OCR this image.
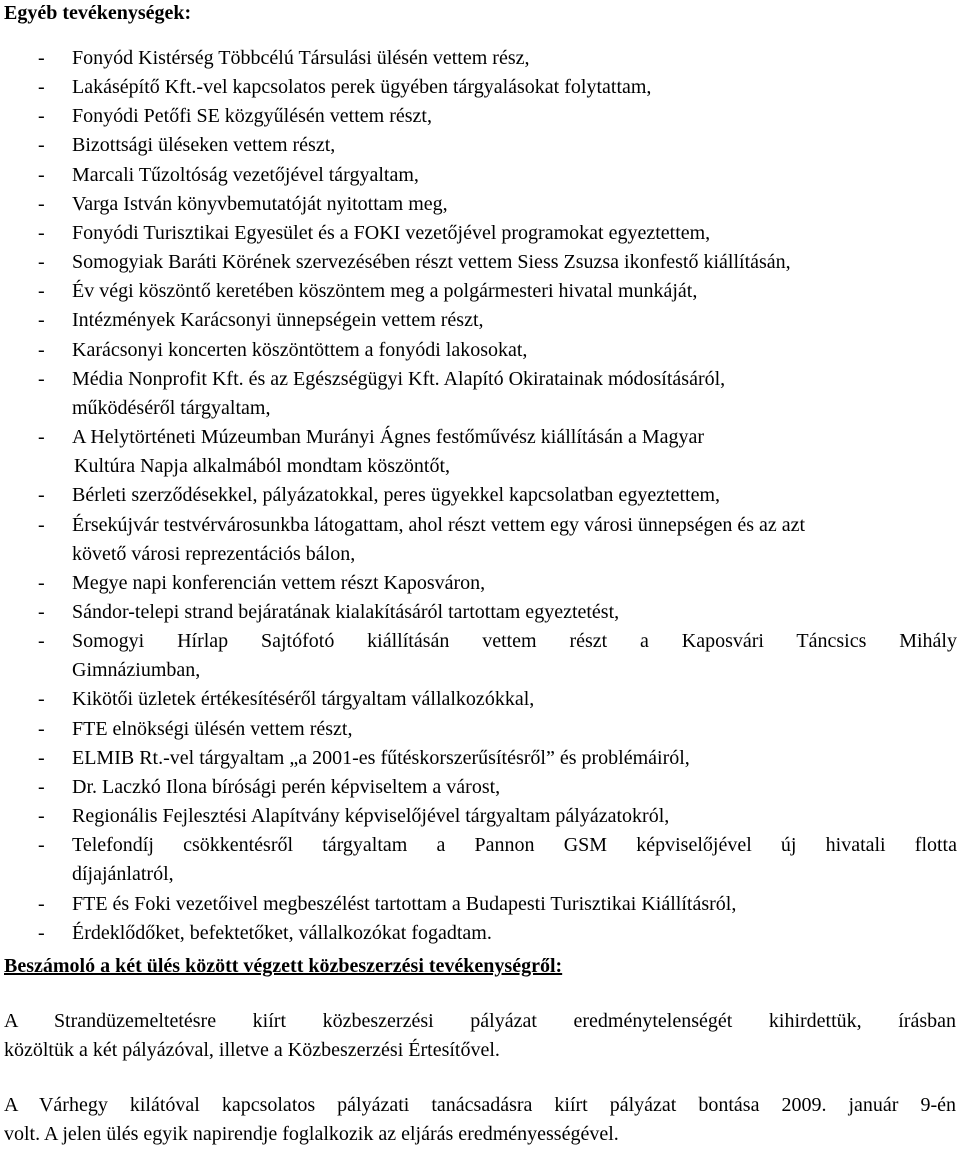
Egyéb tevékenységek:
- Fonyód Kistérség Többcélú Társulási ülésén vettem rész,
- Lakásépítő Kft.-vel kapcsolatos perek ügyében tárgyalásokat folytattam,
- Fonyódi Petőfi SE közgyűlésén vettem részt,
- Bizottsági üléseken vettem részt,
- Marcali Tűzoltóság vezetőjével tárgyaltam,
- Varga István könyvbemutatóját nyitottam meg,
- Fonyódi Turisztikai Egyesület és a FOKI vezetőjével programokat egyeztettem,
- Somogyiak Baráti Körének szervezésében részt vettem Siess Zsuzsa ikonfestő kiállításán,
- Év végi köszöntő keretében köszöntem meg a polgármesteri hivatal munkáját,
- Intézmények Karácsonyi ünnepségein vettem részt,
- Karácsonyi koncerten köszöntöttem a fonyódi lakosokat,
- Média Nonprofit Kft. és az Egészségügyi Kft. Alapító Okiratainak módosításáról,
működéséről tárgyaltam,
- A Helytörténeti Múzeumban Murányi Ágnes festőművész kiállításán a Magyar
Kultúra Napja alkalmából mondtam köszöntőt,
- Bérleti szerződésekkel, pályázatokkal, peres ügyekkel kapcsolatban egyeztettem,
- Érsekújvár testvérvárosunkba látogattam, ahol részt vettem egy városi ünnepségen és az azt
követő városi reprezentációs bálon,
- Megye napi konferencián vettem részt Kaposváron,
- Sándor-telepi strand bejáratának kialakításáról tartottam egyeztetést,
- Somogyi Hírlap Sajtófotó kiállításán vettem részt a Kaposvári Táncsics Mihály
Gimnáziumban,
- Kikötői üzletek értékesítéséről tárgyaltam vállalkozókkal,
- FTE elnökségi ülésén vettem részt,
- ELMIB Rt.-vel tárgyaltam „a 2001-es fűtéskorszerűsítésről” és problémáiról,
- Dr. Laczkó Ilona bírósági perén képviseltem a várost,
- Regionális Fejlesztési Alapítvány képviselőjével tárgyaltam pályázatokról,
- Telefondíj csökkentésről tárgyaltam a Pannon GSM képviselőjével új hivatali flotta
díjajánlatról,
- FTE és Foki vezetőivel megbeszélést tartottam a Budapesti Turisztikai Kiállításról,
- Érdeklődőket, befektetőket, vállalkozókat fogadtam.
Beszámoló a két ülés között végzett közbeszerzési tevékenységről:

A Strandüzemeltetésre kiírt közbeszerzési pályázat eredménytelenségét kihirdettük, írásban
közöltük a két pályázóval, illetve a Közbeszerzési Értesítővel.

A Várhegy kilátóval kapcsolatos pályázati tanácsadásra kiírt pályázat bontása 2009. január 9-én
volt. A jelen ülés egyik napirendje foglalkozik az eljárás eredményességével.
